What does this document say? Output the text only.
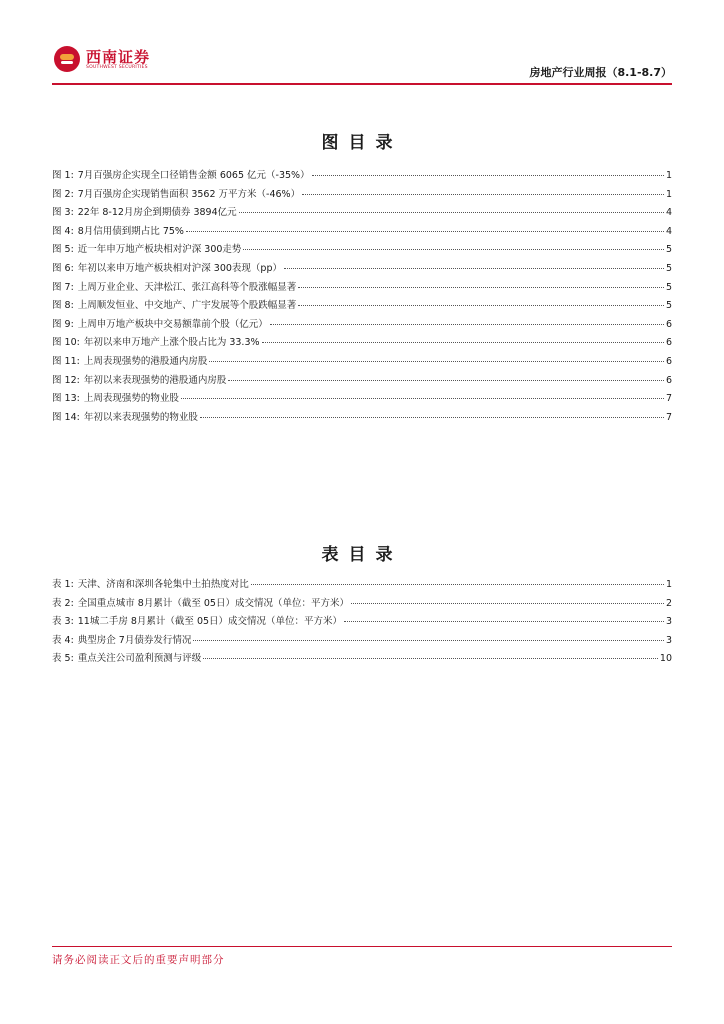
西南证券
SOUTHWEST SECURITIES	房地产行业周报（8.1-8.7）
图目录
图 1: 7月百强房企实现全口径销售金额 6065 亿元（-35%）	1
图 2: 7月百强房企实现销售面积 3562 万平方米（-46%）	1
图 3: 22年 8-12月房企到期债券 3894亿元	4
图 4: 8月信用债到期占比 75%	4
图 5: 近一年申万地产板块相对沪深 300走势	5
图 6: 年初以来申万地产板块相对沪深 300表现（pp）	5
图 7: 上周万业企业、天津松江、张江高科等个股涨幅显著	5
图 8: 上周顺发恒业、中交地产、广宇发展等个股跌幅显著	5
图 9: 上周申万地产板块中交易额靠前个股（亿元）	6
图 10: 年初以来申万地产上涨个股占比为 33.3%	6
图 11: 上周表现强势的港股通内房股	6
图 12: 年初以来表现强势的港股通内房股	6
图 13: 上周表现强势的物业股	7
图 14: 年初以来表现强势的物业股	7
表目录
表 1: 天津、济南和深圳各轮集中土拍热度对比	1
表 2: 全国重点城市 8月累计（截至 05日）成交情况（单位：平方米）	2
表 3: 11城二手房 8月累计（截至 05日）成交情况（单位：平方米）	3
表 4: 典型房企 7月债券发行情况	3
表 5: 重点关注公司盈利预测与评级	10
请务必阅读正文后的重要声明部分
